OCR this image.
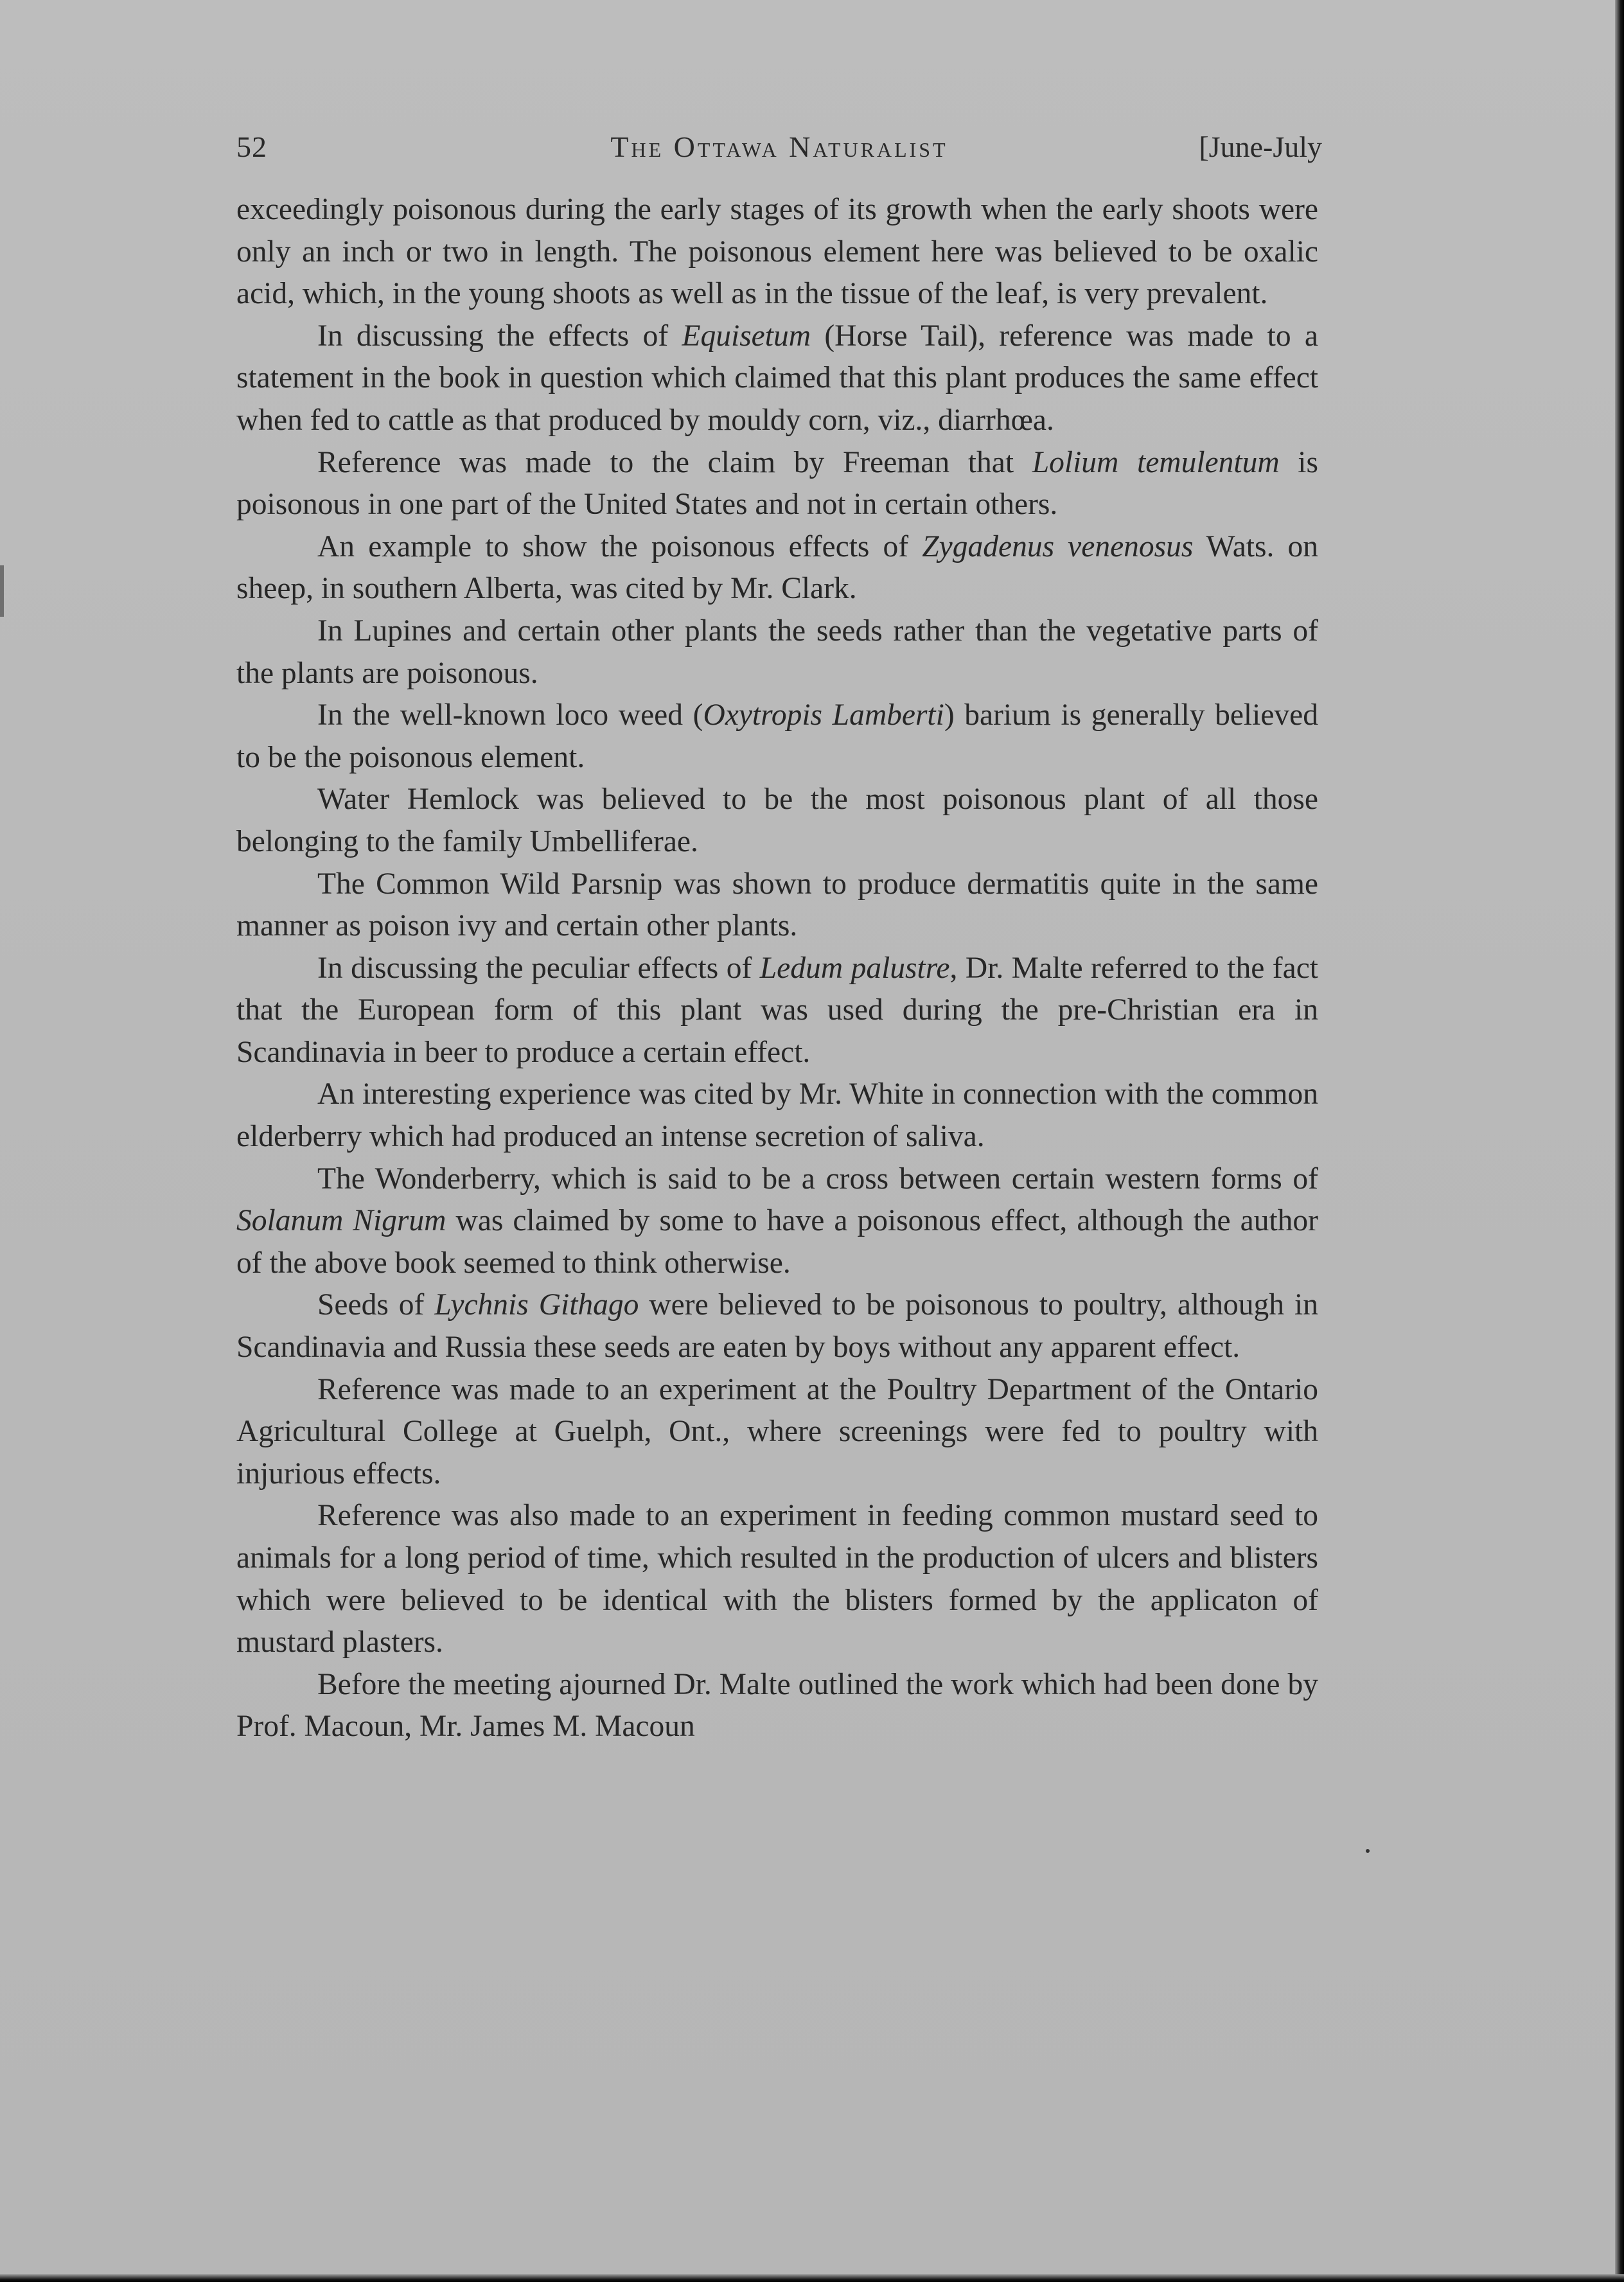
52	The Ottawa Naturalist	[June-July

exceedingly poisonous during the early stages of its growth when the early shoots were only an inch or two in length. The poisonous element here was believed to be oxalic acid, which, in the young shoots as well as in the tissue of the leaf, is very prevalent.

In discussing the effects of Equisetum (Horse Tail), reference was made to a statement in the book in question which claimed that this plant produces the same effect when fed to cattle as that produced by mouldy corn, viz., diarrhœa.

Reference was made to the claim by Freeman that Lolium temulentum is poisonous in one part of the United States and not in certain others.

An example to show the poisonous effects of Zygadenus venenosus Wats. on sheep, in southern Alberta, was cited by Mr. Clark.

In Lupines and certain other plants the seeds rather than the vegetative parts of the plants are poisonous.

In the well-known loco weed (Oxytropis Lamberti) barium is generally believed to be the poisonous element.

Water Hemlock was believed to be the most poisonous plant of all those belonging to the family Umbelliferae.

The Common Wild Parsnip was shown to produce dermatitis quite in the same manner as poison ivy and certain other plants.

In discussing the peculiar effects of Ledum palustre, Dr. Malte referred to the fact that the European form of this plant was used during the pre-Christian era in Scandinavia in beer to produce a certain effect.

An interesting experience was cited by Mr. White in connection with the common elderberry which had produced an intense secretion of saliva.

The Wonderberry, which is said to be a cross between certain western forms of Solanum Nigrum was claimed by some to have a poisonous effect, although the author of the above book seemed to think otherwise.

Seeds of Lychnis Githago were believed to be poisonous to poultry, although in Scandinavia and Russia these seeds are eaten by boys without any apparent effect.

Reference was made to an experiment at the Poultry Department of the Ontario Agricultural College at Guelph, Ont., where screenings were fed to poultry with injurious effects.

Reference was also made to an experiment in feeding common mustard seed to animals for a long period of time, which resulted in the production of ulcers and blisters which were believed to be identical with the blisters formed by the applicaton of mustard plasters.

Before the meeting ajourned Dr. Malte outlined the work which had been done by Prof. Macoun, Mr. James M. Macoun
